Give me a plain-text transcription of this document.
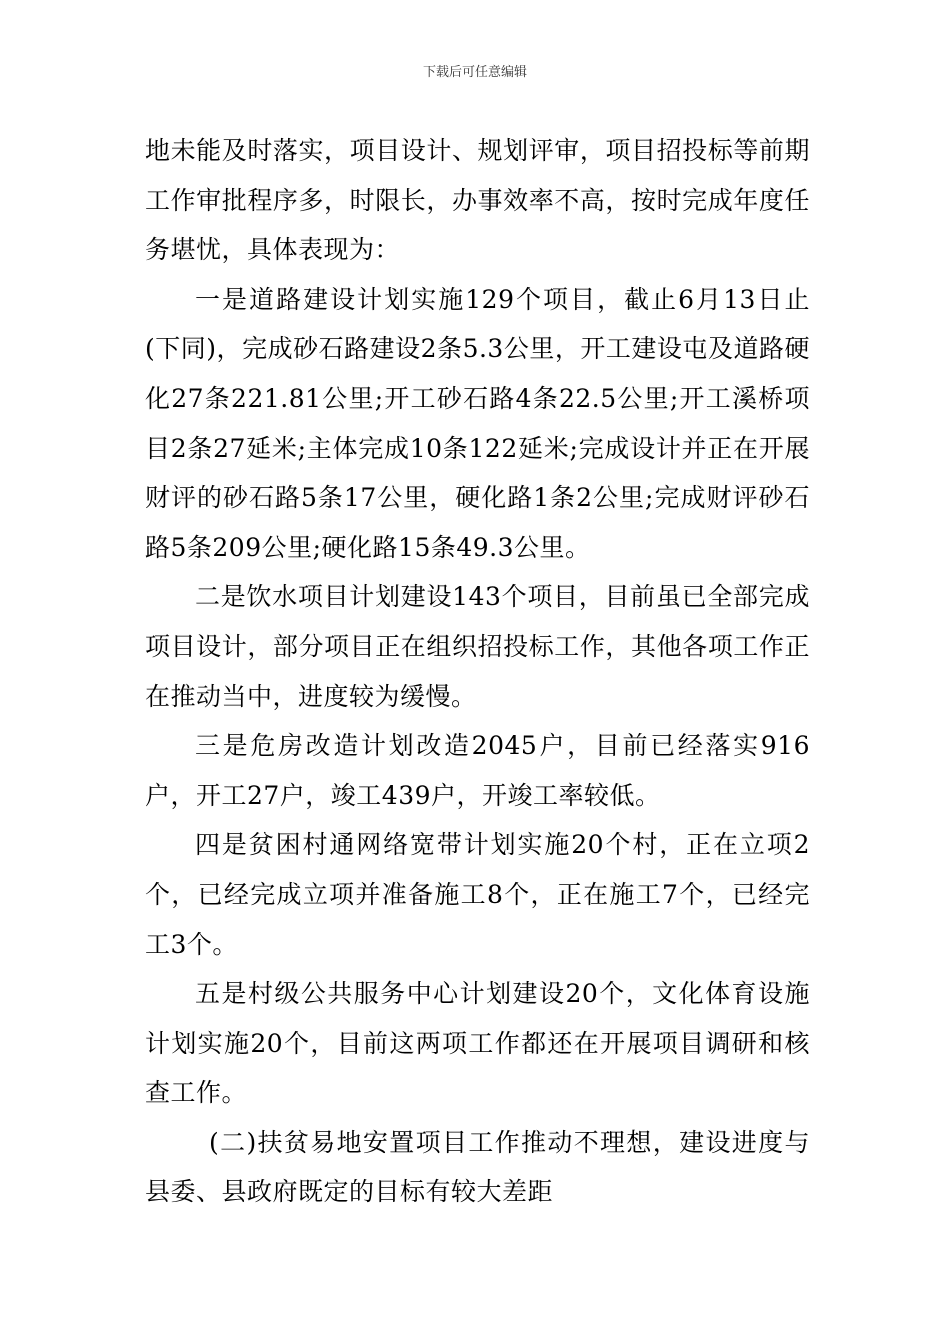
下载后可任意编辑

地未能及时落实，项目设计、规划评审，项目招投标等前期工作审批程序多，时限长，办事效率不高，按时完成年度任务堪忧，具体表现为：

一是道路建设计划实施129个项目，截止6月13日止(下同)，完成砂石路建设2条5.3公里，开工建设屯及道路硬化27条221.81公里;开工砂石路4条22.5公里;开工溪桥项目2条27延米;主体完成10条122延米;完成设计并正在开展财评的砂石路5条17公里，硬化路1条2公里;完成财评砂石路5条209公里;硬化路15条49.3公里。

二是饮水项目计划建设143个项目，目前虽已全部完成项目设计，部分项目正在组织招投标工作，其他各项工作正在推动当中，进度较为缓慢。

三是危房改造计划改造2045户，目前已经落实916户，开工27户，竣工439户，开竣工率较低。

四是贫困村通网络宽带计划实施20个村，正在立项2个，已经完成立项并准备施工8个，正在施工7个，已经完工3个。

五是村级公共服务中心计划建设20个，文化体育设施计划实施20个，目前这两项工作都还在开展项目调研和核查工作。

(二)扶贫易地安置项目工作推动不理想，建设进度与县委、县政府既定的目标有较大差距
